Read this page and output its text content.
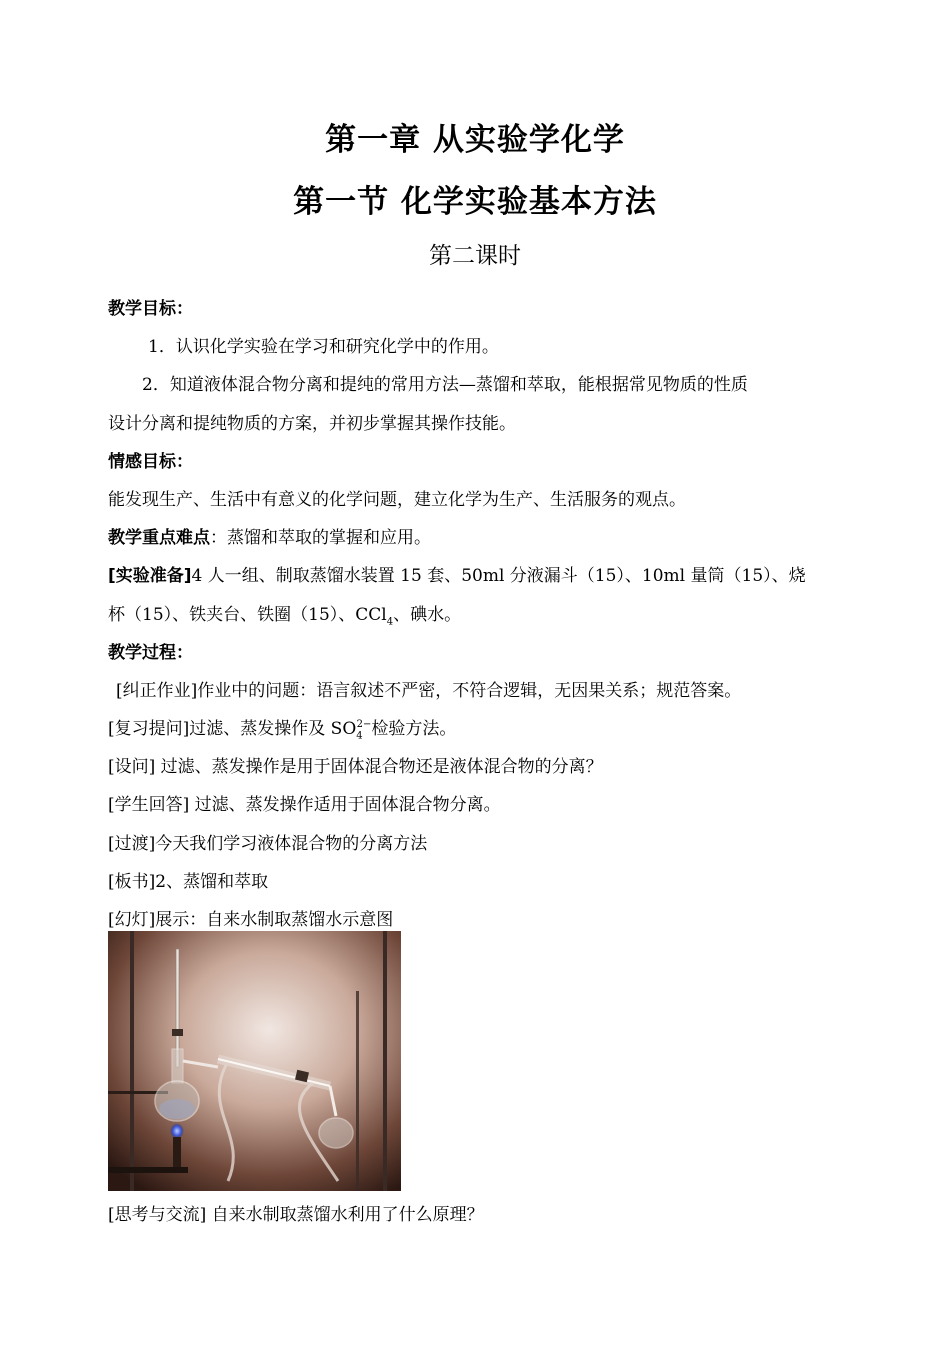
第一章 从实验学化学
第一节 化学实验基本方法
第二课时
教学目标：
1．认识化学实验在学习和研究化学中的作用。
2．知道液体混合物分离和提纯的常用方法—蒸馏和萃取，能根据常见物质的性质
设计分离和提纯物质的方案，并初步掌握其操作技能。
情感目标：
能发现生产、生活中有意义的化学问题，建立化学为生产、生活服务的观点。
教学重点难点：蒸馏和萃取的掌握和应用。
[实验准备]4 人一组、制取蒸馏水装置 15 套、50ml 分液漏斗（15）、10ml 量筒（15）、烧
杯（15）、铁夹台、铁圈（15）、CCl$_4$、碘水。
教学过程：
[纠正作业]作业中的问题：语言叙述不严密，不符合逻辑，无因果关系；规范答案。
[复习提问]过滤、蒸发操作及 $SO_4^{2-}$检验方法。
[设问] 过滤、蒸发操作是用于固体混合物还是液体混合物的分离？
[学生回答] 过滤、蒸发操作适用于固体混合物分离。
[过渡]今天我们学习液体混合物的分离方法
[板书]2、蒸馏和萃取
[幻灯]展示：自来水制取蒸馏水示意图
[思考与交流] 自来水制取蒸馏水利用了什么原理？
